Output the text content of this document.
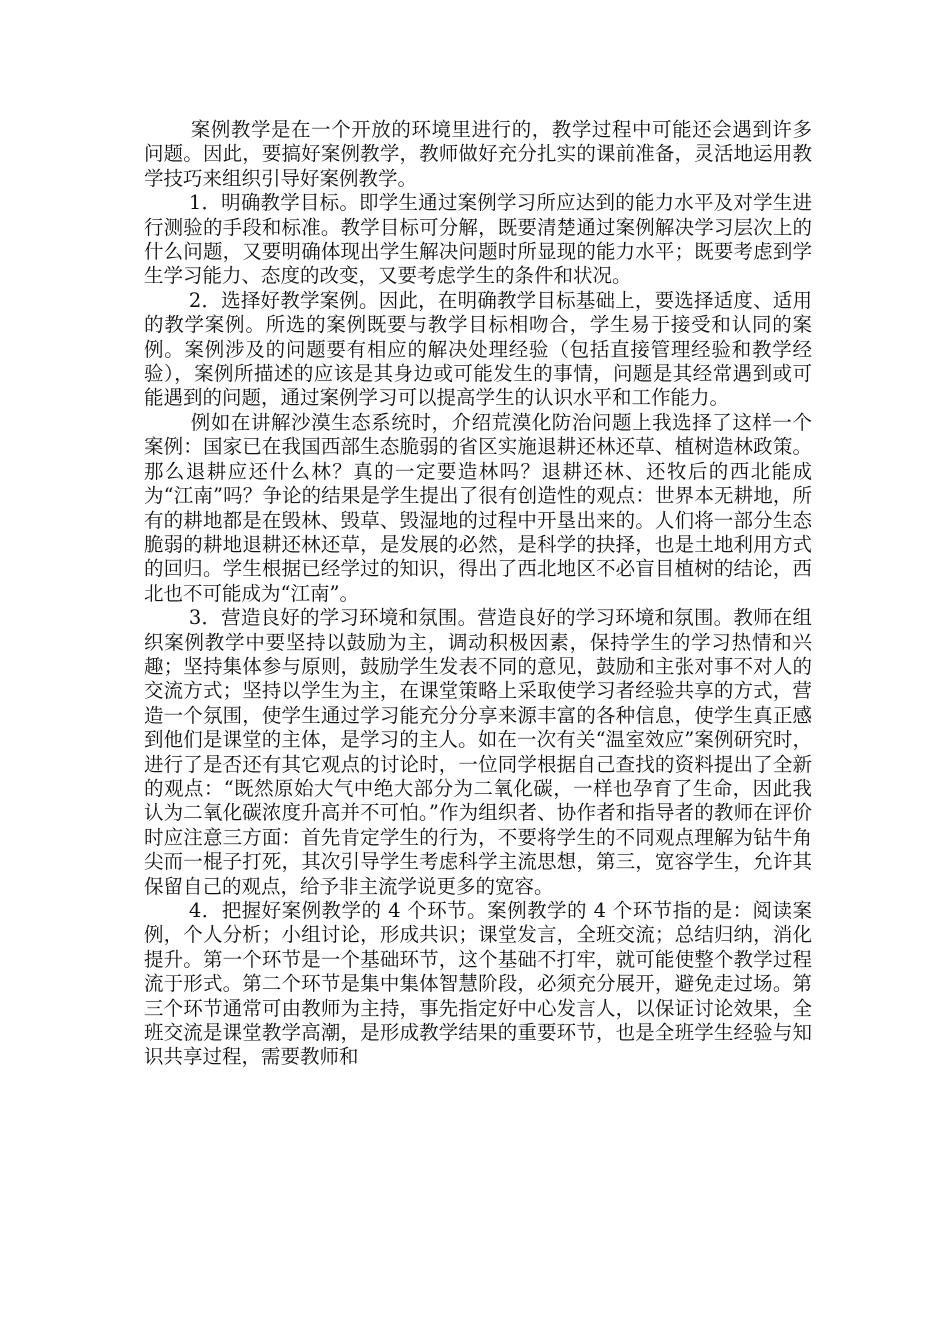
案例教学是在一个开放的环境里进行的，教学过程中可能还会遇到许多问题。因此，要搞好案例教学，教师做好充分扎实的课前准备，灵活地运用教学技巧来组织引导好案例教学。

1．明确教学目标。即学生通过案例学习所应达到的能力水平及对学生进行测验的手段和标准。教学目标可分解，既要清楚通过案例解决学习层次上的什么问题，又要明确体现出学生解决问题时所显现的能力水平；既要考虑到学生学习能力、态度的改变，又要考虑学生的条件和状况。

2．选择好教学案例。因此，在明确教学目标基础上，要选择适度、适用的教学案例。所选的案例既要与教学目标相吻合，学生易于接受和认同的案例。案例涉及的问题要有相应的解决处理经验（包括直接管理经验和教学经验），案例所描述的应该是其身边或可能发生的事情，问题是其经常遇到或可能遇到的问题，通过案例学习可以提高学生的认识水平和工作能力。

例如在讲解沙漠生态系统时，介绍荒漠化防治问题上我选择了这样一个案例：国家已在我国西部生态脆弱的省区实施退耕还林还草、植树造林政策。那么退耕应还什么林？真的一定要造林吗？退耕还林、还牧后的西北能成为“江南”吗？争论的结果是学生提出了很有创造性的观点：世界本无耕地，所有的耕地都是在毁林、毁草、毁湿地的过程中开垦出来的。人们将一部分生态脆弱的耕地退耕还林还草，是发展的必然，是科学的抉择，也是土地利用方式的回归。学生根据已经学过的知识，得出了西北地区不必盲目植树的结论，西北也不可能成为“江南”。

3．营造良好的学习环境和氛围。营造良好的学习环境和氛围。教师在组织案例教学中要坚持以鼓励为主，调动积极因素，保持学生的学习热情和兴趣；坚持集体参与原则，鼓励学生发表不同的意见，鼓励和主张对事不对人的交流方式；坚持以学生为主，在课堂策略上采取使学习者经验共享的方式，营造一个氛围，使学生通过学习能充分分享来源丰富的各种信息，使学生真正感到他们是课堂的主体，是学习的主人。如在一次有关“温室效应”案例研究时，进行了是否还有其它观点的讨论时，一位同学根据自己查找的资料提出了全新的观点：“既然原始大气中绝大部分为二氧化碳，一样也孕育了生命，因此我认为二氧化碳浓度升高并不可怕。”作为组织者、协作者和指导者的教师在评价时应注意三方面：首先肯定学生的行为，不要将学生的不同观点理解为钻牛角尖而一棍子打死，其次引导学生考虑科学主流思想，第三，宽容学生，允许其保留自己的观点，给予非主流学说更多的宽容。

4．把握好案例教学的 4 个环节。案例教学的 4 个环节指的是：阅读案例，个人分析；小组讨论，形成共识；课堂发言，全班交流；总结归纳，消化提升。第一个环节是一个基础环节，这个基础不打牢，就可能使整个教学过程流于形式。第二个环节是集中集体智慧阶段，必须充分展开，避免走过场。第三个环节通常可由教师为主持，事先指定好中心发言人，以保证讨论效果，全班交流是课堂教学高潮，是形成教学结果的重要环节，也是全班学生经验与知识共享过程，需要教师和
